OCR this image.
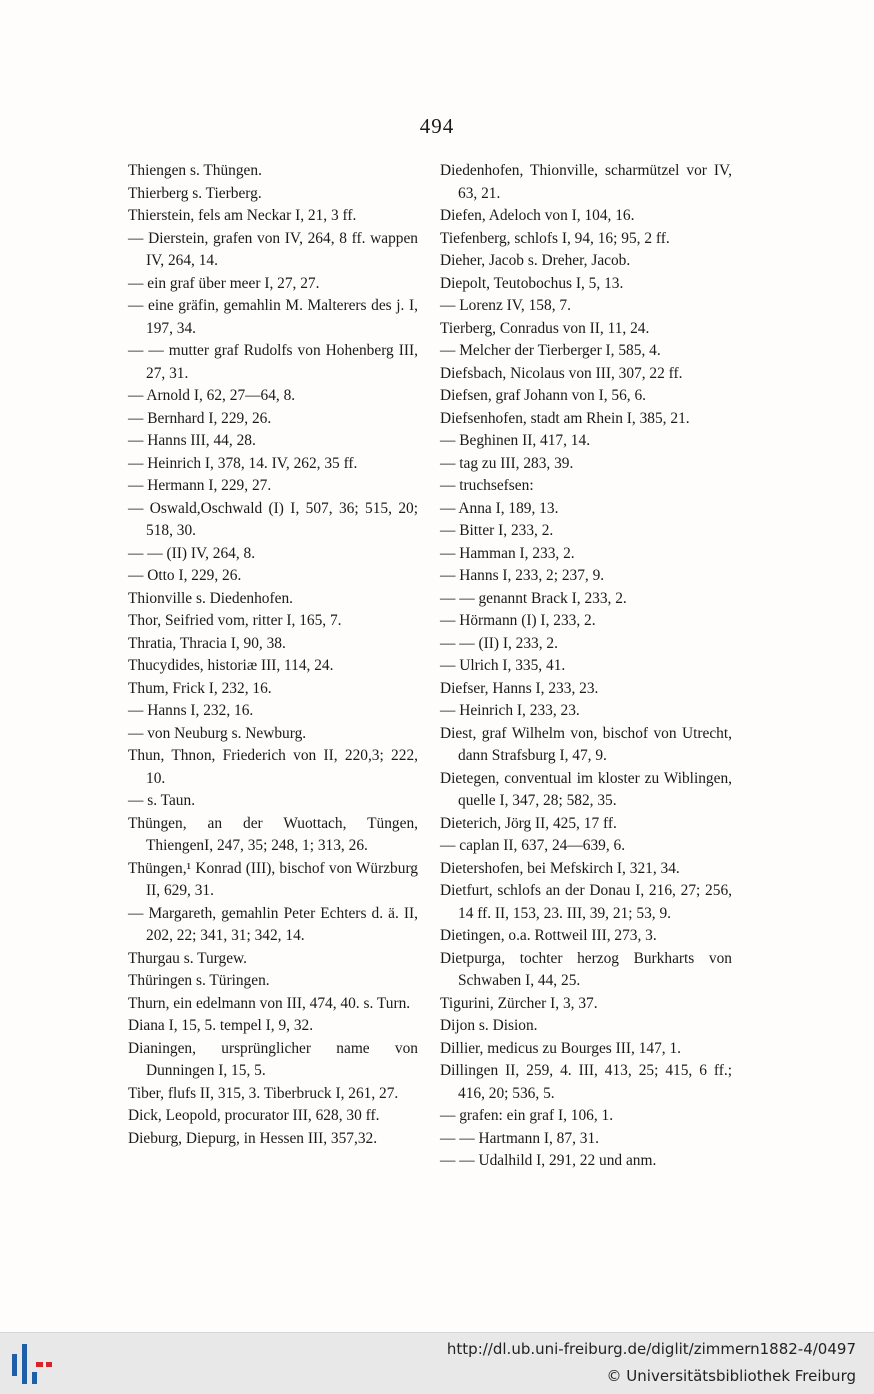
494
Thiengen s. Thüngen.
Thierberg s. Tierberg.
Thierstein, fels am Neckar I, 21, 3 ff.
— Dierstein, grafen von IV, 264, 8 ff. wappen IV, 264, 14.
— ein graf über meer I, 27, 27.
— eine gräfin, gemahlin M. Malterers des j. I, 197, 34.
— — mutter graf Rudolfs von Hohenberg III, 27, 31.
— Arnold I, 62, 27—64, 8.
— Bernhard I, 229, 26.
— Hanns III, 44, 28.
— Heinrich I, 378, 14. IV, 262, 35 ff.
— Hermann I, 229, 27.
— Oswald,Oschwald (I) I, 507, 36; 515, 20; 518, 30.
— — (II) IV, 264, 8.
— Otto I, 229, 26.
Thionville s. Diedenhofen.
Thor, Seifried vom, ritter I, 165, 7.
Thratia, Thracia I, 90, 38.
Thucydides, historiæ III, 114, 24.
Thum, Frick I, 232, 16.
— Hanns I, 232, 16.
— von Neuburg s. Newburg.
Thun, Thnon, Friederich von II, 220,3; 222, 10.
— s. Taun.
Thüngen, an der Wuottach, Tüngen, ThiengenI, 247, 35; 248, 1; 313, 26.
Thüngen,¹ Konrad (III), bischof von Würzburg II, 629, 31.
— Margareth, gemahlin Peter Echters d. ä. II, 202, 22; 341, 31; 342, 14.
Thurgau s. Turgew.
Thüringen s. Türingen.
Thurn, ein edelmann von III, 474, 40. s. Turn.
Diana I, 15, 5. tempel I, 9, 32.
Dianingen, ursprünglicher name von Dunningen I, 15, 5.
Tiber, flufs II, 315, 3. Tiberbruck I, 261, 27.
Dick, Leopold, procurator III, 628, 30 ff.
Dieburg, Diepurg, in Hessen III, 357,32.
Diedenhofen, Thionville, scharmützel vor IV, 63, 21.
Diefen, Adeloch von I, 104, 16.
Tiefenberg, schlofs I, 94, 16; 95, 2 ff.
Dieher, Jacob s. Dreher, Jacob.
Diepolt, Teutobochus I, 5, 13.
— Lorenz IV, 158, 7.
Tierberg, Conradus von II, 11, 24.
— Melcher der Tierberger I, 585, 4.
Diefsbach, Nicolaus von III, 307, 22 ff.
Diefsen, graf Johann von I, 56, 6.
Diefsenhofen, stadt am Rhein I, 385, 21.
— Beghinen II, 417, 14.
— tag zu III, 283, 39.
— truchsefsen:
— Anna I, 189, 13.
— Bitter I, 233, 2.
— Hamman I, 233, 2.
— Hanns I, 233, 2; 237, 9.
— — genannt Brack I, 233, 2.
— Hörmann (I) I, 233, 2.
— — (II) I, 233, 2.
— Ulrich I, 335, 41.
Diefser, Hanns I, 233, 23.
— Heinrich I, 233, 23.
Diest, graf Wilhelm von, bischof von Utrecht, dann Strafsburg I, 47, 9.
Dietegen, conventual im kloster zu Wiblingen, quelle I, 347, 28; 582, 35.
Dieterich, Jörg II, 425, 17 ff.
— caplan II, 637, 24—639, 6.
Dietershofen, bei Mefskirch I, 321, 34.
Dietfurt, schlofs an der Donau I, 216, 27; 256, 14 ff. II, 153, 23. III, 39, 21; 53, 9.
Dietingen, o.a. Rottweil III, 273, 3.
Dietpurga, tochter herzog Burkharts von Schwaben I, 44, 25.
Tigurini, Zürcher I, 3, 37.
Dijon s. Dision.
Dillier, medicus zu Bourges III, 147, 1.
Dillingen II, 259, 4. III, 413, 25; 415, 6 ff.; 416, 20; 536, 5.
— grafen: ein graf I, 106, 1.
— — Hartmann I, 87, 31.
— — Udalhild I, 291, 22 und anm.
http://dl.ub.uni-freiburg.de/diglit/zimmern1882-4/0497
© Universitätsbibliothek Freiburg
